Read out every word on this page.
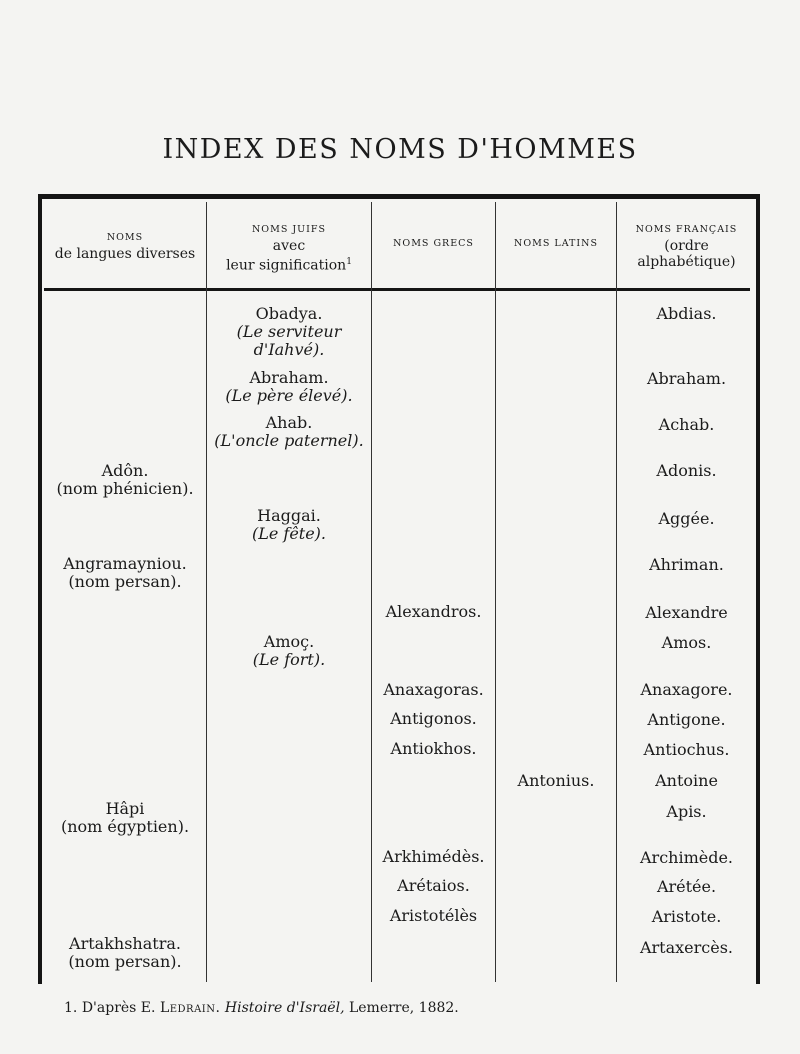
INDEX DES NOMS D'HOMMES
NOMS
de langues diverses
NOMS JUIFS
avec
leur signification$^1$
NOMS GRECS	NOMS LATINS
NOMS FRANÇAIS
(ordre
alphabétique)
Adôn.
(nom phénicien).
Angramayniou.
(nom persan).
Hâpi
(nom égyptien).
Artakhshatra.
(nom persan).
Obadya.
(Le serviteur
d'Iahvé).
Abraham.
(Le père élevé).
Ahab.
(L'oncle paternel).
Haggai.
(Le fête).
Amoç.
(Le fort).
Alexandros.
Anaxagoras.
Antigonos.
Antiokhos.
Arkhimédès.
Arétaios.
Aristotélès
Antonius.
Abdias.
Abraham.
Achab.
Adonis.
Aggée.
Ahriman.
Alexandre
Amos.
Anaxagore.
Antigone.
Antiochus.
Antoine
Apis.
Archimède.
Arétée.
Aristote.
Artaxercès.
1. D'après E. Ledrain. Histoire d'Israël, Lemerre, 1882.
